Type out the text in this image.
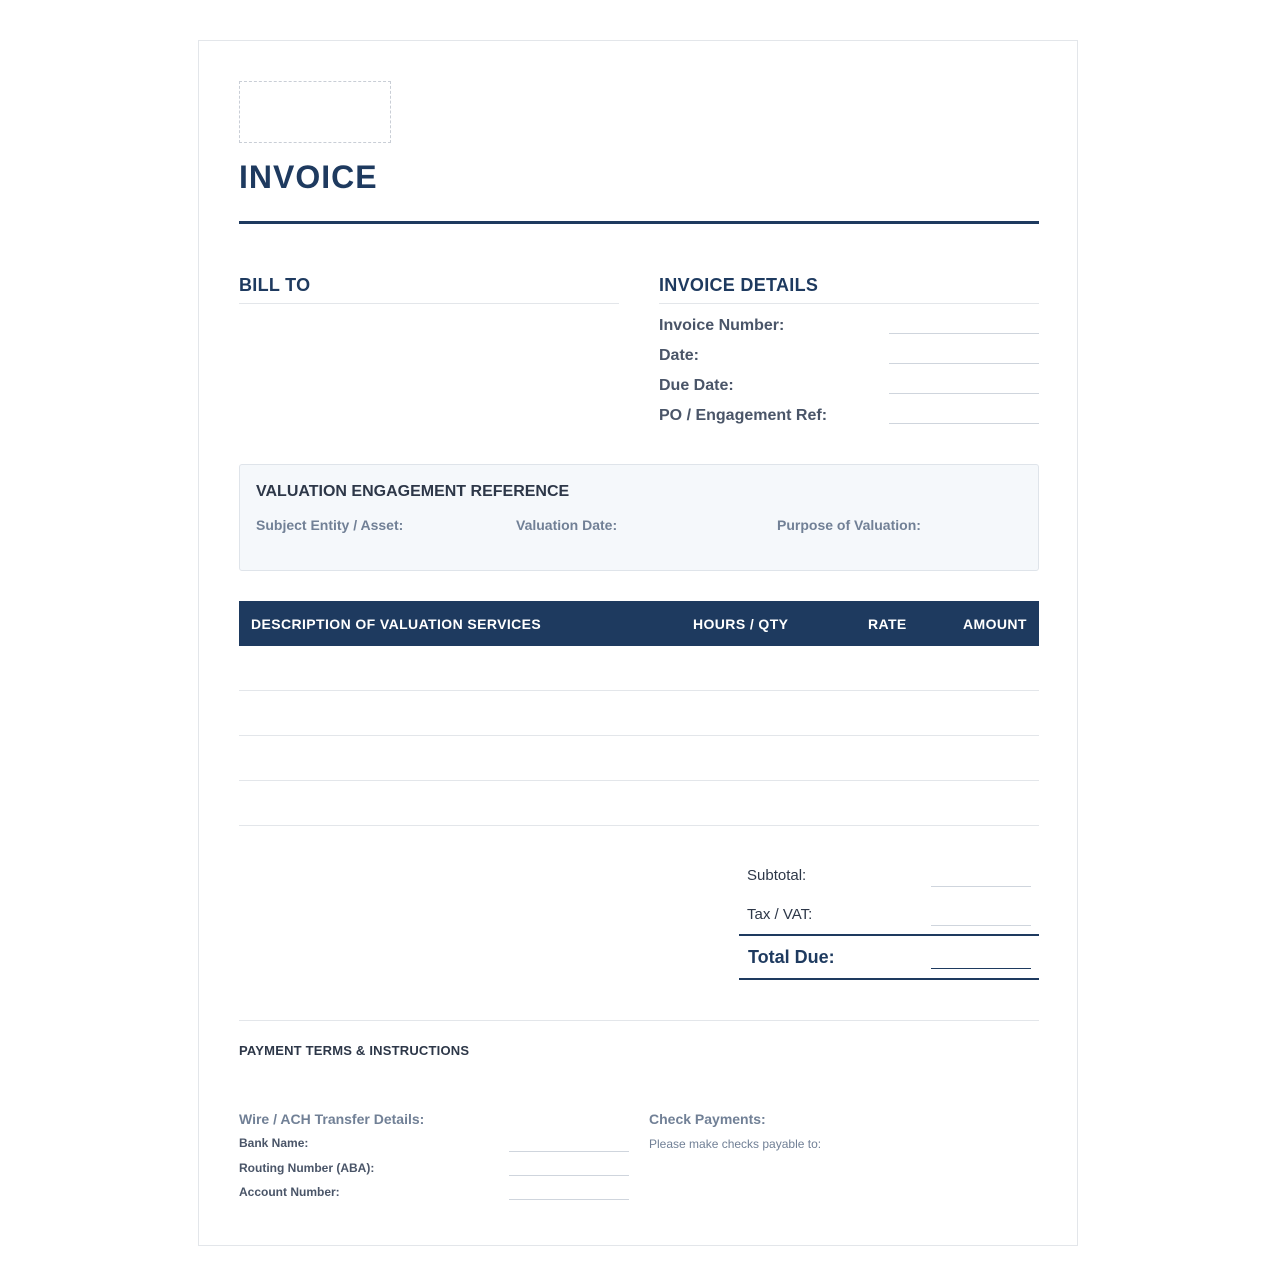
INVOICE
BILL TO	INVOICE DETAILS
Invoice Number:
Date:
Due Date:
PO / Engagement Ref:
VALUATION ENGAGEMENT REFERENCE
Subject Entity / Asset:	Valuation Date:	Purpose of Valuation:
DESCRIPTION OF VALUATION SERVICES	HOURS / QTY	RATE	AMOUNT
Subtotal:
Tax / VAT:
Total Due:
PAYMENT TERMS & INSTRUCTIONS
Wire / ACH Transfer Details:
Bank Name:
Routing Number (ABA):
Account Number:
Check Payments:
Please make checks payable to:
